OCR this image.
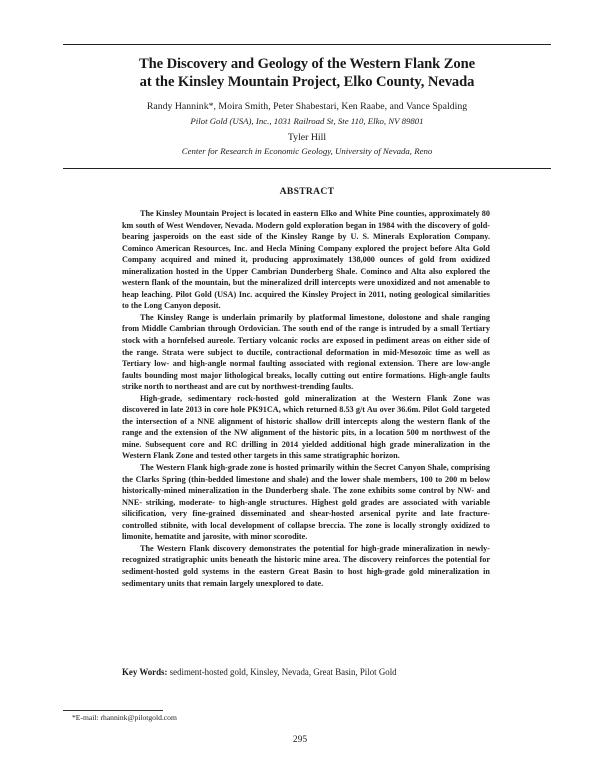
The Discovery and Geology of the Western Flank Zone
at the Kinsley Mountain Project, Elko County, Nevada
Randy Hannink*, Moira Smith, Peter Shabestari, Ken Raabe, and Vance Spalding
Pilot Gold (USA), Inc., 1031 Railroad St, Ste 110, Elko, NV 89801
Tyler Hill
Center for Research in Economic Geology, University of Nevada, Reno
ABSTRACT

The Kinsley Mountain Project is located in eastern Elko and White Pine counties, approximately 80 km south of West Wendover, Nevada. Modern gold exploration began in 1984 with the discovery of gold-bearing jasperoids on the east side of the Kinsley Range by U. S. Minerals Exploration Company. Cominco American Resources, Inc. and Hecla Mining Company explored the project before Alta Gold Company acquired and mined it, producing approximately 138,000 ounces of gold from oxidized mineralization hosted in the Upper Cambrian Dunderberg Shale. Cominco and Alta also explored the western flank of the mountain, but the mineralized drill intercepts were unoxidized and not amenable to heap leaching. Pilot Gold (USA) Inc. acquired the Kinsley Project in 2011, noting geological similarities to the Long Canyon deposit.

The Kinsley Range is underlain primarily by platformal limestone, dolostone and shale ranging from Middle Cambrian through Ordovician. The south end of the range is intruded by a small Tertiary stock with a hornfelsed aureole. Tertiary volcanic rocks are exposed in pediment areas on either side of the range. Strata were subject to ductile, contractional deformation in mid-Mesozoic time as well as Tertiary low- and high-angle normal faulting associated with regional extension. There are low-angle faults bounding most major lithological breaks, locally cutting out entire formations. High-angle faults strike north to northeast and are cut by northwest-trending faults.

High-grade, sedimentary rock-hosted gold mineralization at the Western Flank Zone was discovered in late 2013 in core hole PK91CA, which returned 8.53 g/t Au over 36.6m. Pilot Gold targeted the intersection of a NNE alignment of historic shallow drill intercepts along the western flank of the range and the extension of the NW alignment of the historic pits, in a location 500 m northwest of the mine. Subsequent core and RC drilling in 2014 yielded additional high grade mineralization in the Western Flank Zone and tested other targets in this same stratigraphic horizon.

The Western Flank high-grade zone is hosted primarily within the Secret Canyon Shale, comprising the Clarks Spring (thin-bedded limestone and shale) and the lower shale members, 100 to 200 m below historically-mined mineralization in the Dunderberg shale. The zone exhibits some control by NW- and NNE- striking, moderate- to high-angle structures. Highest gold grades are associated with variable silicification, very fine-grained disseminated and shear-hosted arsenical pyrite and late fracture-controlled stibnite, with local development of collapse breccia. The zone is locally strongly oxidized to limonite, hematite and jarosite, with minor scorodite.

The Western Flank discovery demonstrates the potential for high-grade mineralization in newly-recognized stratigraphic units beneath the historic mine area. The discovery reinforces the potential for sediment-hosted gold systems in the eastern Great Basin to host high-grade gold mineralization in sedimentary units that remain largely unexplored to date.

Key Words: sediment-hosted gold, Kinsley, Nevada, Great Basin, Pilot Gold
*E-mail: rhannink@pilotgold.com
295
